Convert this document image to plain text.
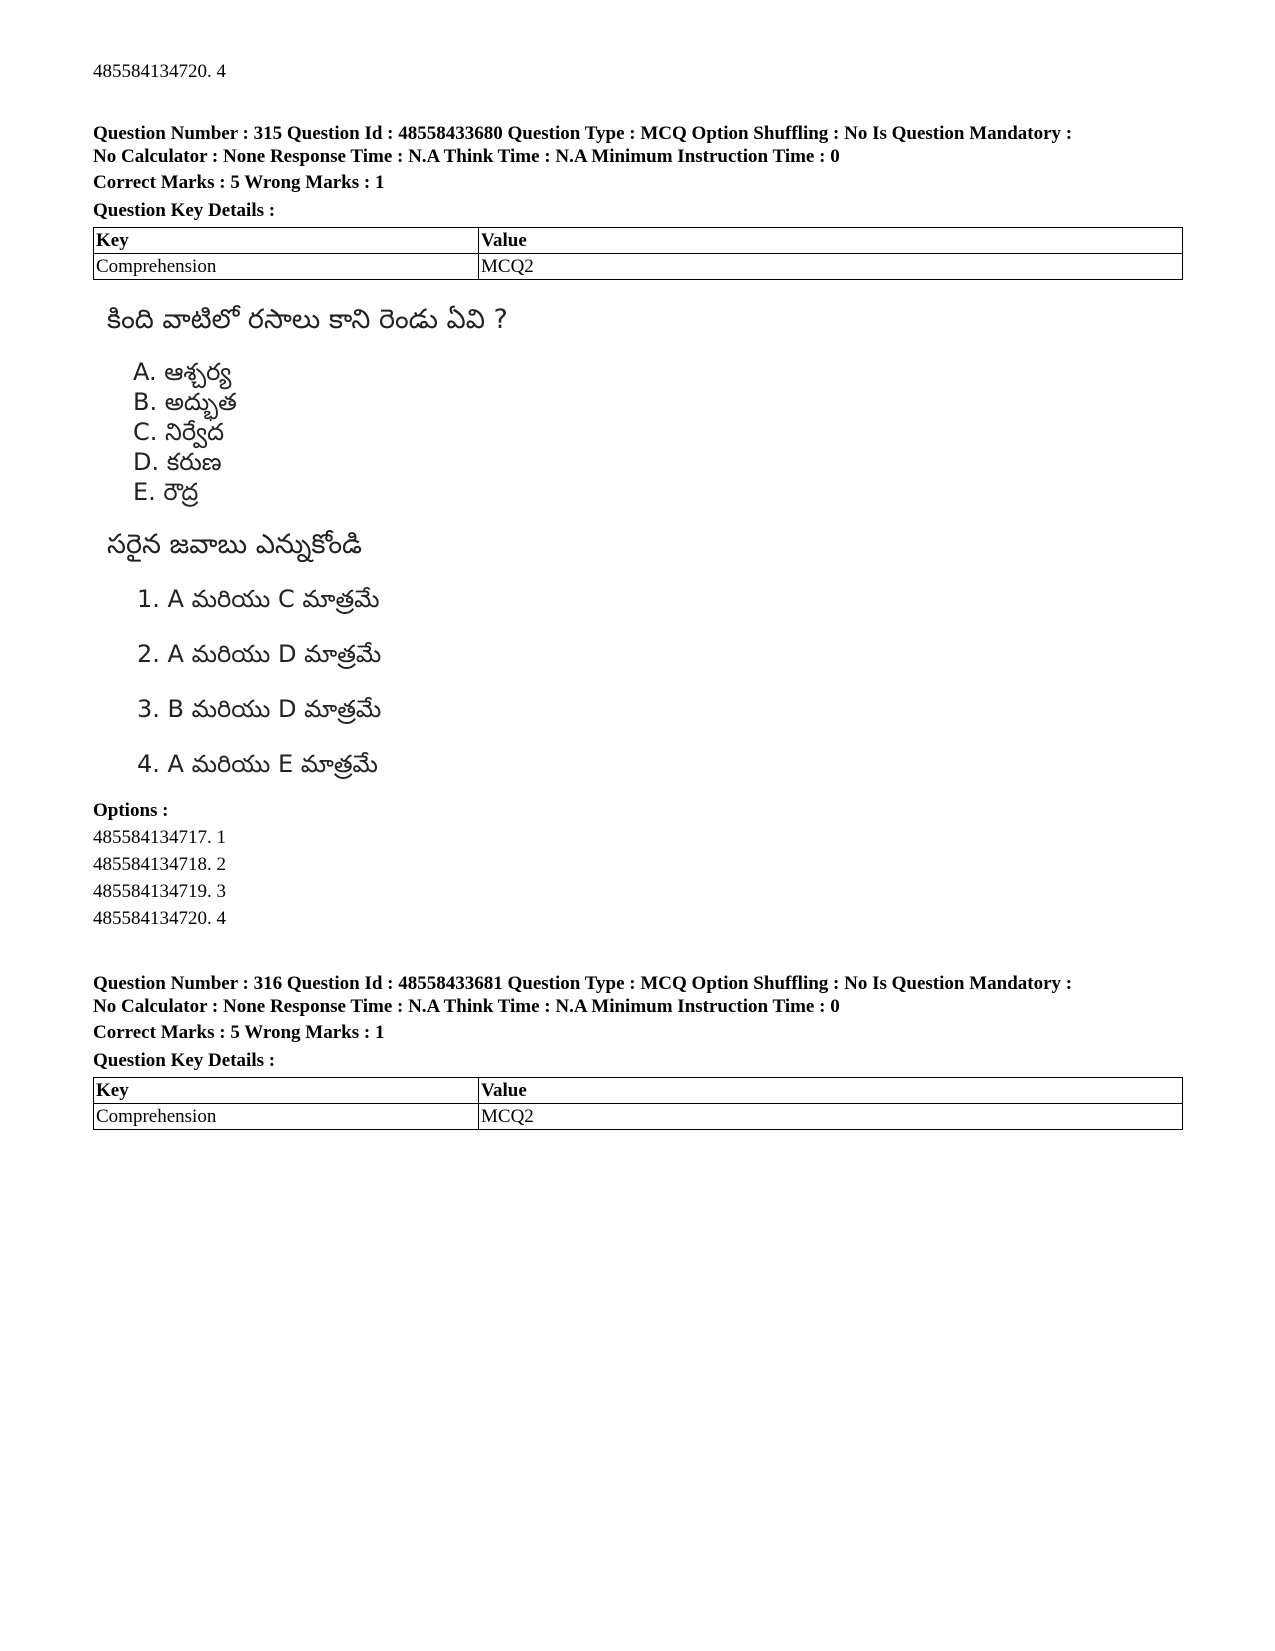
485584134720. 4
Question Number : 315 Question Id : 48558433680 Question Type : MCQ Option Shuffling : No Is Question Mandatory :
No Calculator : None Response Time : N.A Think Time : N.A Minimum Instruction Time : 0
Correct Marks : 5 Wrong Marks : 1
Question Key Details :
Key	Value
Comprehension	MCQ2
కింది వాటిలో రసాలు కాని రెండు ఏవి ?
A. ఆశ్చర్య
B. అద్భుత
C. నిర్వేద
D. కరుణ
E. రౌద్ర
సరైన జవాబు ఎన్నుకోండి
1. A మరియు C మాత్రమే
2. A మరియు D మాత్రమే
3. B మరియు D మాత్రమే
4. A మరియు E మాత్రమే
Options :
485584134717. 1
485584134718. 2
485584134719. 3
485584134720. 4
Question Number : 316 Question Id : 48558433681 Question Type : MCQ Option Shuffling : No Is Question Mandatory :
No Calculator : None Response Time : N.A Think Time : N.A Minimum Instruction Time : 0
Correct Marks : 5 Wrong Marks : 1
Question Key Details :
Key	Value
Comprehension	MCQ2
